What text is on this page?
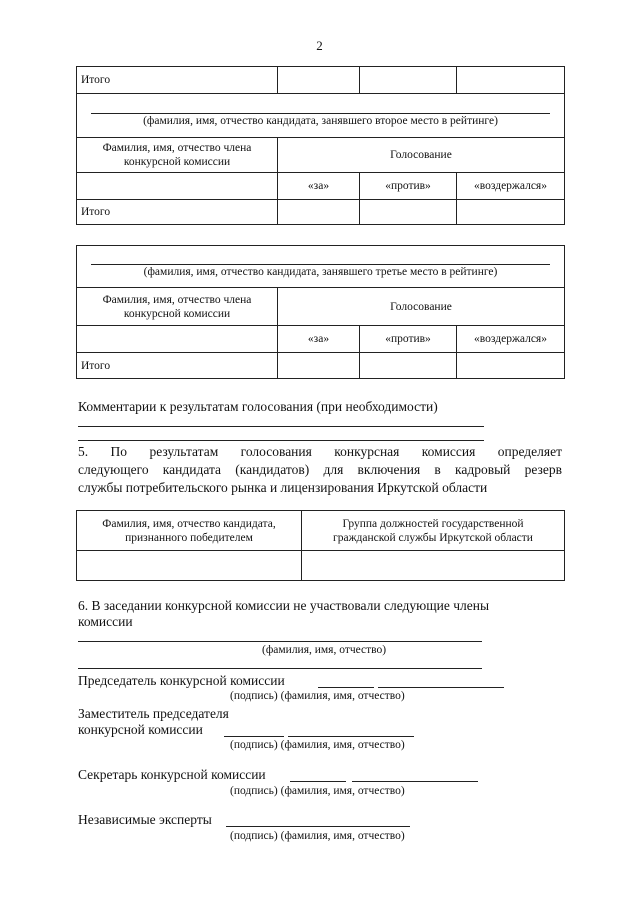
2
Итого			

(фамилия, имя, отчество кандидата, занявшего второе место в рейтинге)			
Фамилия, имя, отчество члена конкурсной комиссии	Голосование		
	«за»	«против»	«воздержался»
Итого			
(фамилия, имя, отчество кандидата, занявшего третье место в рейтинге)			
Фамилия, имя, отчество члена конкурсной комиссии	Голосование		
	«за»	«против»	«воздержался»
Итого			
Комментарии к результатам голосования (при необходимости)
5. По результатам голосования конкурсная комиссия определяет
следующего кандидата (кандидатов) для включения в кадровый резерв
службы потребительского рынка и лицензирования Иркутской области
Фамилия, имя, отчество кандидата, признанного победителем	Группа должностей государственной гражданской службы Иркутской области

6. В заседании конкурсной комиссии не участвовали следующие члены
комиссии
(фамилия, имя, отчество)
Председатель конкурсной комиссии
(подпись) (фамилия, имя, отчество)
Заместитель председателя
конкурсной комиссии
(подпись) (фамилия, имя, отчество)
Секретарь конкурсной комиссии
(подпись) (фамилия, имя, отчество)
Независимые эксперты
(подпись) (фамилия, имя, отчество)
